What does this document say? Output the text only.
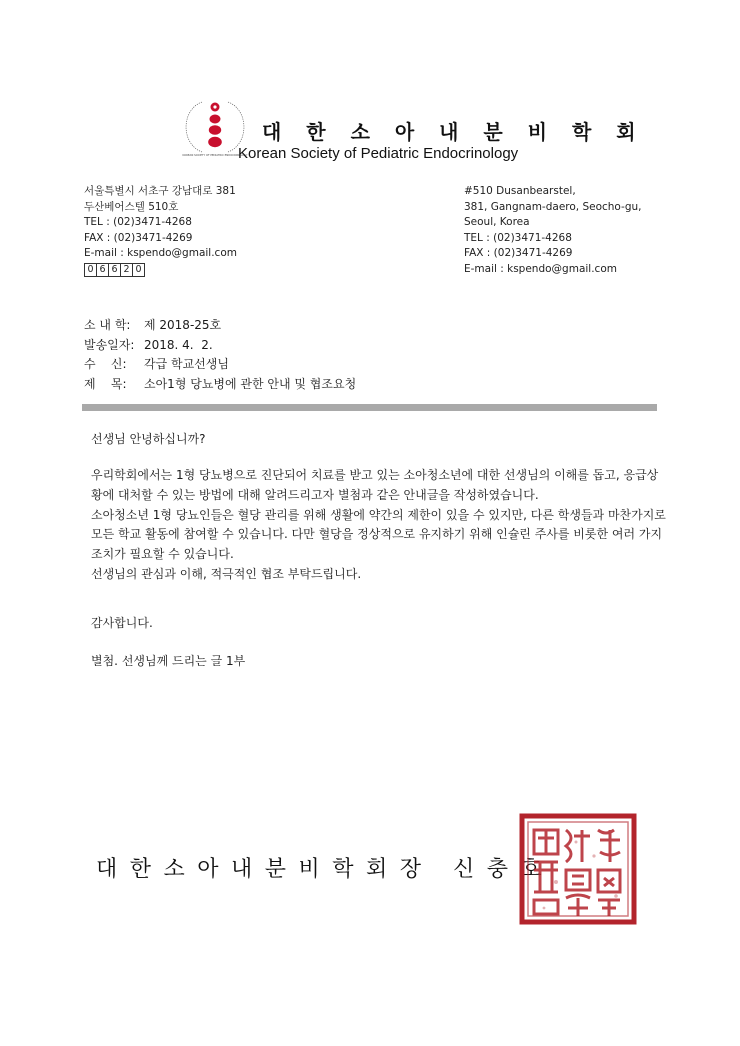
KOREAN SOCIETY OF PEDIATRIC ENDOCRINOLOGY
대 한 소 아 내 분 비 학 회
Korean Society of Pediatric Endocrinology
서울특별시 서초구 강남대로 381
두산베어스텔 510호
TEL : (02)3471-4268
FAX : (02)3471-4269
E-mail : kspendo@gmail.com
0 6 6 2 0
#510 Dusanbearstel,
381, Gangnam-daero, Seocho-gu,
Seoul, Korea
TEL : (02)3471-4268
FAX : (02)3471-4269
E-mail : kspendo@gmail.com
소 내 학:	제 2018-25호
발송일자: 2018. 4.  2.
수    신:	각급 학교선생님
제    목:	소아1형 당뇨병에 관한 안내 및 협조요청
선생님 안녕하십니까?

우리학회에서는 1형 당뇨병으로 진단되어 치료를 받고 있는 소아청소년에 대한 선생님의 이해를 돕고, 응급상황에 대처할 수 있는 방법에 대해 알려드리고자 별첨과 같은 안내글을 작성하였습니다.

소아청소년 1형 당뇨인들은 혈당 관리를 위해 생활에 약간의 제한이 있을 수 있지만, 다른 학생들과 마찬가지로 모든 학교 활동에 참여할 수 있습니다. 다만 혈당을 정상적으로 유지하기 위해 인슐린 주사를 비롯한 여러 가지 조치가 필요할 수 있습니다.

선생님의 관심과 이해, 적극적인 협조 부탁드립니다.

감사합니다.
별첨. 선생님께 드리는 글 1부
대한소아내분비학회장 신충호
